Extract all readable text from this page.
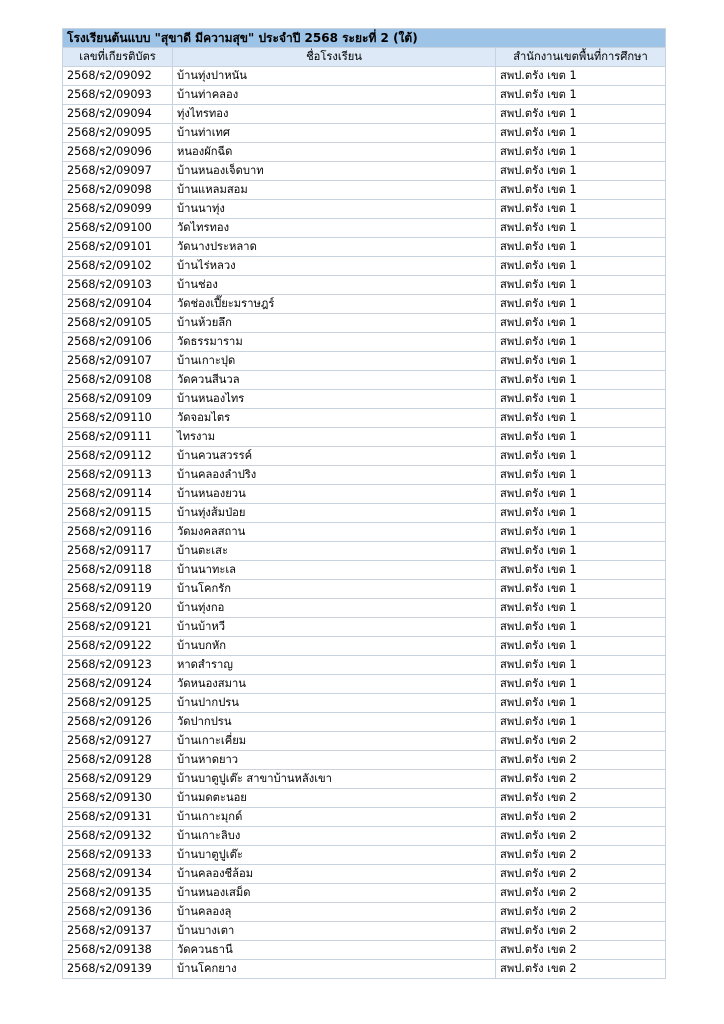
โรงเรียนต้นแบบ "สุขาดี มีความสุข" ประจำปี 2568 ระยะที่ 2 (ใต้)		
เลขที่เกียรติบัตร	ชื่อโรงเรียน	สำนักงานเขตพื้นที่การศึกษา
2568/ร2/09092	บ้านทุ่งปาหนัน	สพป.ตรัง เขต 1
2568/ร2/09093	บ้านท่าคลอง	สพป.ตรัง เขต 1
2568/ร2/09094	ทุ่งไทรทอง	สพป.ตรัง เขต 1
2568/ร2/09095	บ้านท่าเทศ	สพป.ตรัง เขต 1
2568/ร2/09096	หนองผักฉีด	สพป.ตรัง เขต 1
2568/ร2/09097	บ้านหนองเจ็ดบาท	สพป.ตรัง เขต 1
2568/ร2/09098	บ้านแหลมสอม	สพป.ตรัง เขต 1
2568/ร2/09099	บ้านนาทุ่ง	สพป.ตรัง เขต 1
2568/ร2/09100	วัดไทรทอง	สพป.ตรัง เขต 1
2568/ร2/09101	วัดนางประหลาด	สพป.ตรัง เขต 1
2568/ร2/09102	บ้านไร่หลวง	สพป.ตรัง เขต 1
2568/ร2/09103	บ้านช่อง	สพป.ตรัง เขต 1
2568/ร2/09104	วัดช่องเปี๊ยะมราษฎร์	สพป.ตรัง เขต 1
2568/ร2/09105	บ้านห้วยลึก	สพป.ตรัง เขต 1
2568/ร2/09106	วัดธรรมาราม	สพป.ตรัง เขต 1
2568/ร2/09107	บ้านเกาะปุด	สพป.ตรัง เขต 1
2568/ร2/09108	วัดควนสีนวล	สพป.ตรัง เขต 1
2568/ร2/09109	บ้านหนองไทร	สพป.ตรัง เขต 1
2568/ร2/09110	วัดจอมไตร	สพป.ตรัง เขต 1
2568/ร2/09111	ไทรงาม	สพป.ตรัง เขต 1
2568/ร2/09112	บ้านควนสวรรค์	สพป.ตรัง เขต 1
2568/ร2/09113	บ้านคลองลำปริง	สพป.ตรัง เขต 1
2568/ร2/09114	บ้านหนองยวน	สพป.ตรัง เขต 1
2568/ร2/09115	บ้านทุ่งส้มป่อย	สพป.ตรัง เขต 1
2568/ร2/09116	วัดมงคลสถาน	สพป.ตรัง เขต 1
2568/ร2/09117	บ้านตะเสะ	สพป.ตรัง เขต 1
2568/ร2/09118	บ้านนาทะเล	สพป.ตรัง เขต 1
2568/ร2/09119	บ้านโคกรัก	สพป.ตรัง เขต 1
2568/ร2/09120	บ้านทุ่งกอ	สพป.ตรัง เขต 1
2568/ร2/09121	บ้านบ้าหวี	สพป.ตรัง เขต 1
2568/ร2/09122	บ้านบกหัก	สพป.ตรัง เขต 1
2568/ร2/09123	หาดสำราญ	สพป.ตรัง เขต 1
2568/ร2/09124	วัดหนองสมาน	สพป.ตรัง เขต 1
2568/ร2/09125	บ้านปากปรน	สพป.ตรัง เขต 1
2568/ร2/09126	วัดปากปรน	สพป.ตรัง เขต 1
2568/ร2/09127	บ้านเกาะเคี่ยม	สพป.ตรัง เขต 2
2568/ร2/09128	บ้านหาดยาว	สพป.ตรัง เขต 2
2568/ร2/09129	บ้านบาตูปูเต๊ะ สาขาบ้านหลังเขา	สพป.ตรัง เขต 2
2568/ร2/09130	บ้านมดตะนอย	สพป.ตรัง เขต 2
2568/ร2/09131	บ้านเกาะมุกด์	สพป.ตรัง เขต 2
2568/ร2/09132	บ้านเกาะลิบง	สพป.ตรัง เขต 2
2568/ร2/09133	บ้านบาตูปูเต๊ะ	สพป.ตรัง เขต 2
2568/ร2/09134	บ้านคลองชีล้อม	สพป.ตรัง เขต 2
2568/ร2/09135	บ้านหนองเสม็ด	สพป.ตรัง เขต 2
2568/ร2/09136	บ้านคลองลุ	สพป.ตรัง เขต 2
2568/ร2/09137	บ้านบางเตา	สพป.ตรัง เขต 2
2568/ร2/09138	วัดควนธานี	สพป.ตรัง เขต 2
2568/ร2/09139	บ้านโคกยาง	สพป.ตรัง เขต 2
